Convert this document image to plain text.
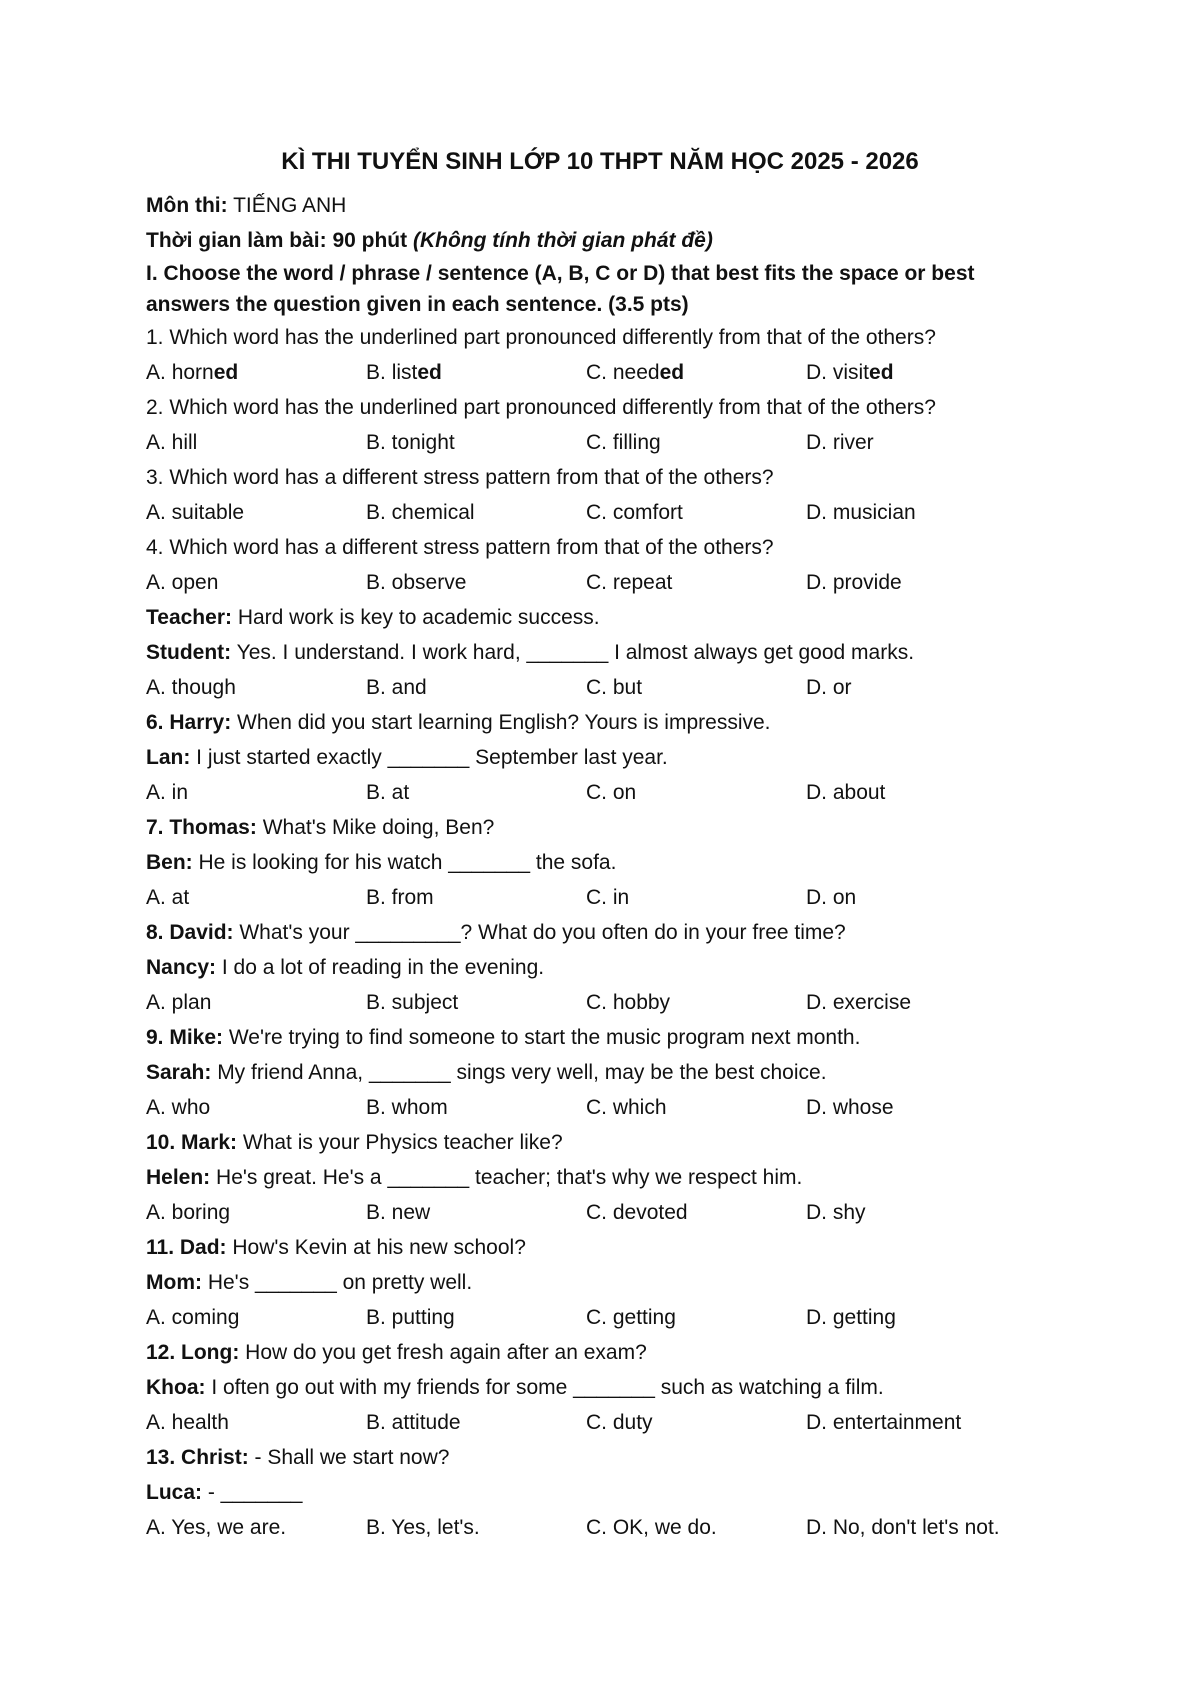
KÌ THI TUYỂN SINH LỚP 10 THPT NĂM HỌC 2025 - 2026
Môn thi: TIẾNG ANH
Thời gian làm bài: 90 phút (Không tính thời gian phát đề)
I. Choose the word / phrase / sentence (A, B, C or D) that best fits the space or best answers the question given in each sentence. (3.5 pts)
1. Which word has the underlined part pronounced differently from that of the others?
A. horned	B. listed	C. needed	D. visited
2. Which word has the underlined part pronounced differently from that of the others?
A. hill	B. tonight	C. filling	D. river
3. Which word has a different stress pattern from that of the others?
A. suitable	B. chemical	C. comfort	D. musician
4. Which word has a different stress pattern from that of the others?
A. open	B. observe	C. repeat	D. provide
Teacher: Hard work is key to academic success.
Student: Yes. I understand. I work hard, _______ I almost always get good marks.
A. though	B. and	C. but	D. or
6. Harry: When did you start learning English? Yours is impressive.
Lan: I just started exactly _______ September last year.
A. in	B. at	C. on	D. about
7. Thomas: What's Mike doing, Ben?
Ben: He is looking for his watch _______ the sofa.
A. at	B. from	C. in	D. on
8. David: What's your _________? What do you often do in your free time?
Nancy: I do a lot of reading in the evening.
A. plan	B. subject	C. hobby	D. exercise
9. Mike: We're trying to find someone to start the music program next month.
Sarah: My friend Anna, _______ sings very well, may be the best choice.
A. who	B. whom	C. which	D. whose
10. Mark: What is your Physics teacher like?
Helen: He's great. He's a _______ teacher; that's why we respect him.
A. boring	B. new	C. devoted	D. shy
11. Dad: How's Kevin at his new school?
Mom: He's _______ on pretty well.
A. coming	B. putting	C. getting	D. getting
12. Long: How do you get fresh again after an exam?
Khoa: I often go out with my friends for some _______ such as watching a film.
A. health	B. attitude	C. duty	D. entertainment
13. Christ: - Shall we start now?
Luca: - _______
A. Yes, we are.	B. Yes, let's.	C. OK, we do.	D. No, don't let's not.
